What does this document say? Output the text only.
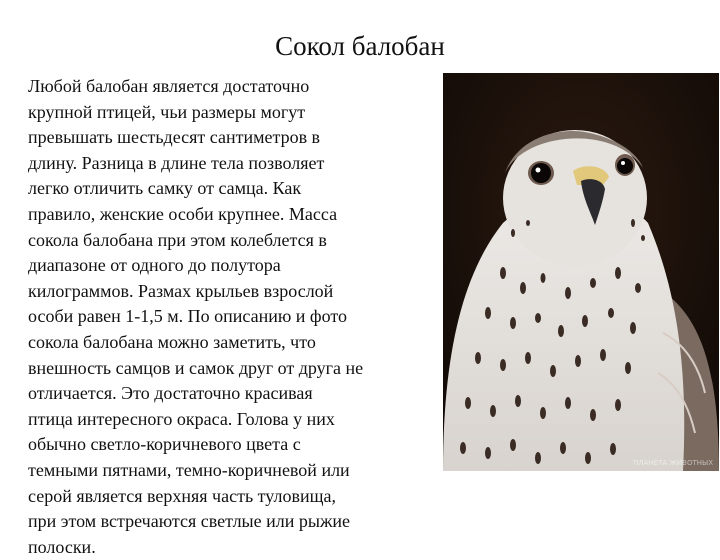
Сокол балобан
Любой балобан является достаточно
крупной птицей, чьи размеры могут
превышать шестьдесят сантиметров в
длину. Разница в длине тела позволяет
легко отличить самку от самца. Как
правило, женские особи крупнее. Масса
сокола балобана при этом колеблется в
диапазоне от одного до полутора
килограммов. Размах крыльев взрослой
особи равен 1-1,5 м. По описанию и фото
сокола балобана можно заметить, что
внешность самцов и самок друг от друга не
отличается. Это достаточно красивая
птица интересного окраса. Голова у них
обычно светло-коричневого цвета с
темными пятнами, темно-коричневой или
серой является верхняя часть туловища,
при этом встречаются светлые или рыжие
полоски.
ПЛАНЕТА ЖИВОТНЫХ
